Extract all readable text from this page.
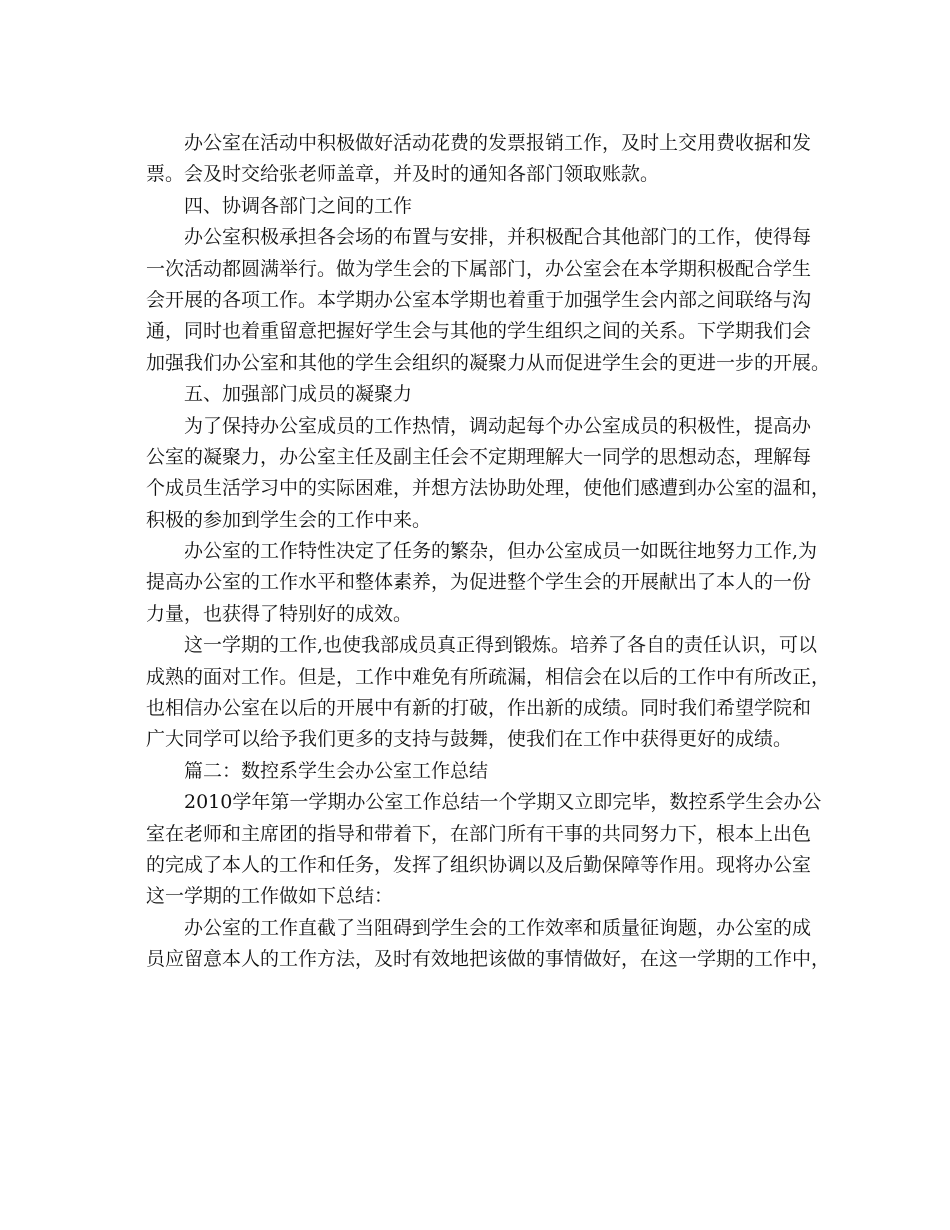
办公室在活动中积极做好活动花费的发票报销工作，及时上交用费收据和发
票。会及时交给张老师盖章，并及时的通知各部门领取账款。
四、协调各部门之间的工作
办公室积极承担各会场的布置与安排，并积极配合其他部门的工作，使得每
一次活动都圆满举行。做为学生会的下属部门，办公室会在本学期积极配合学生
会开展的各项工作。本学期办公室本学期也着重于加强学生会内部之间联络与沟
通，同时也着重留意把握好学生会与其他的学生组织之间的关系。下学期我们会
加强我们办公室和其他的学生会组织的凝聚力从而促进学生会的更进一步的开展。
五、加强部门成员的凝聚力
为了保持办公室成员的工作热情，调动起每个办公室成员的积极性，提高办
公室的凝聚力，办公室主任及副主任会不定期理解大一同学的思想动态，理解每
个成员生活学习中的实际困难，并想方法协助处理，使他们感遭到办公室的温和，
积极的参加到学生会的工作中来。
办公室的工作特性决定了任务的繁杂，但办公室成员一如既往地努力工作,为
提高办公室的工作水平和整体素养，为促进整个学生会的开展献出了本人的一份
力量，也获得了特别好的成效。
这一学期的工作,也使我部成员真正得到锻炼。培养了各自的责任认识，可以
成熟的面对工作。但是，工作中难免有所疏漏，相信会在以后的工作中有所改正，
也相信办公室在以后的开展中有新的打破，作出新的成绩。同时我们希望学院和
广大同学可以给予我们更多的支持与鼓舞，使我们在工作中获得更好的成绩。
篇二：数控系学生会办公室工作总结
2010学年第一学期办公室工作总结一个学期又立即完毕，数控系学生会办公
室在老师和主席团的指导和带着下，在部门所有干事的共同努力下，根本上出色
的完成了本人的工作和任务，发挥了组织协调以及后勤保障等作用。现将办公室
这一学期的工作做如下总结：
办公室的工作直截了当阻碍到学生会的工作效率和质量征询题，办公室的成
员应留意本人的工作方法，及时有效地把该做的事情做好，在这一学期的工作中，
